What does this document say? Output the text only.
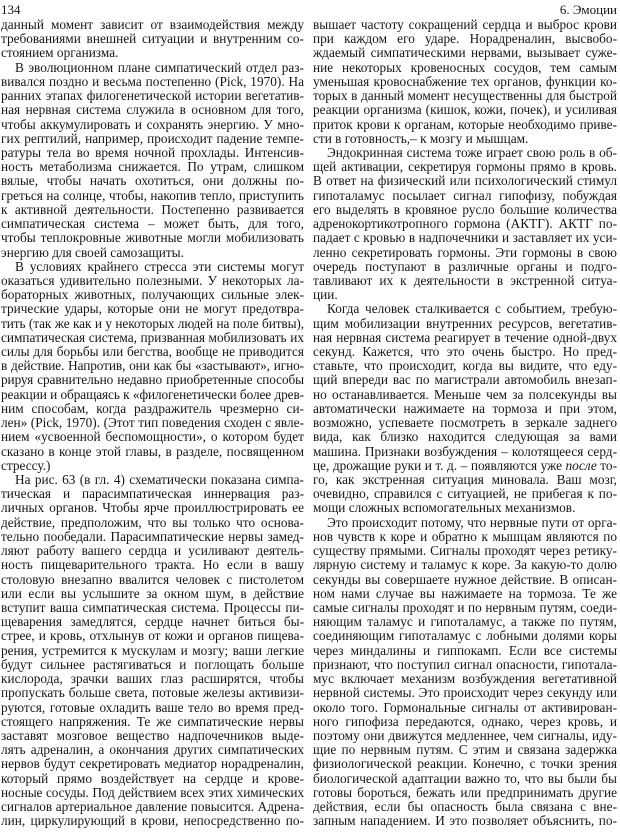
134	6. Эмоции
данный момент зависит от взаимодействия между
требованиями внешней ситуации и внутренним со-
стоянием организма.
В эволюционном плане симпатический отдел раз-
вивался поздно и весьма постепенно (Pick, 1970). На
ранних этапах филогенетической истории вегетатив-
ная нервная система служила в основном для того,
чтобы аккумулировать и сохранять энергию. У мно-
гих рептилий, например, происходит падение темпе-
ратуры тела во время ночной прохлады. Интенсив-
ность метаболизма снижается. По утрам, слишком
вялые, чтобы начать охотиться, они должны по-
греться на солнце, чтобы, накопив тепло, приступить
к активной деятельности. Постепенно развивается
симпатическая система – может быть, для того,
чтобы теплокровные животные могли мобилизовать
энергию для своей самозащиты.
В условиях крайнего стресса эти системы могут
оказаться удивительно полезными. У некоторых ла-
бораторных животных, получающих сильные элек-
трические удары, которые они не могут предотвра-
тить (так же как и у некоторых людей на поле битвы),
симпатическая система, призванная мобилизовать их
силы для борьбы или бегства, вообще не приводится
в действие. Напротив, они как бы «застывают», игно-
рируя сравнительно недавно приобретенные способы
реакции и обращаясь к «филогенетически более древ-
ним способам, когда раздражитель чрезмерно си-
лен» (Pick, 1970). (Этот тип поведения сходен с явле-
нием «усвоенной беспомощности», о котором будет
сказано в конце этой главы, в разделе, посвященном
стрессу.)
На рис. 63 (в гл. 4) схематически показана симпа-
тическая и парасимпатическая иннервация раз-
личных органов. Чтобы ярче проиллюстрировать ее
действие, предположим, что вы только что основа-
тельно пообедали. Парасимпатические нервы замед-
ляют работу вашего сердца и усиливают деятель-
ность пищеварительного тракта. Но если в вашу
столовую внезапно ввалится человек с пистолетом
или если вы услышите за окном шум, в действие
вступит ваша симпатическая система. Процессы пи-
щеварения замедлятся, сердце начнет биться бы-
стрее, и кровь, отхлынув от кожи и органов пищева-
рения, устремится к мускулам и мозгу; ваши легкие
будут сильнее растягиваться и поглощать больше
кислорода, зрачки ваших глаз расширятся, чтобы
пропускать больше света, потовые железы активизи-
руются, готовые охладить ваше тело во время пред-
стоящего напряжения. Те же симпатические нервы
заставят мозговое вещество надпочечников выде-
лять адреналин, а окончания других симпатических
нервов будут секретировать медиатор норадреналин,
который прямо воздействует на сердце и крове-
носные сосуды. Под действием всех этих химических
сигналов артериальное давление повысится. Адрена-
лин, циркулирующий в крови, непосредственно по-
вышает частоту сокращений сердца и выброс крови
при каждом его ударе. Норадреналин, высвобо-
ждаемый симпатическими нервами, вызывает суже-
ние некоторых кровеносных сосудов, тем самым
уменьшая кровоснабжение тех органов, функции ко-
торых в данный момент несущественны для быстрой
реакции организма (кишок, кожи, почек), и усиливая
приток крови к органам, которые необходимо приве-
сти в готовность,– к мозгу и мышцам.
Эндокринная система тоже играет свою роль в об-
щей активации, секретируя гормоны прямо в кровь.
В ответ на физический или психологический стимул
гипоталамус посылает сигнал гипофизу, побуждая
его выделять в кровяное русло большие количества
адренокортикотропного гормона (АКТГ). АКТГ по-
падает с кровью в надпочечники и заставляет их уси-
ленно секретировать гормоны. Эти гормоны в свою
очередь поступают в различные органы и подго-
тавливают их к деятельности в экстренной ситуа-
ции.
Когда человек сталкивается с событием, требую-
щим мобилизации внутренних ресурсов, вегетатив-
ная нервная система реагирует в течение одной-двух
секунд. Кажется, что это очень быстро. Но пред-
ставьте, что происходит, когда вы видите, что еду-
щий впереди вас по магистрали автомобиль внезап-
но останавливается. Меньше чем за полсекунды вы
автоматически нажимаете на тормоза и при этом,
возможно, успеваете посмотреть в зеркале заднего
вида, как близко находится следующая за вами
машина. Признаки возбуждения – колотящееся серд-
це, дрожащие руки и т. д. – появляются уже после то-
го, как экстренная ситуация миновала. Ваш мозг,
очевидно, справился с ситуацией, не прибегая к по-
мощи сложных вспомогательных механизмов.
Это происходит потому, что нервные пути от орга-
нов чувств к коре и обратно к мышцам являются по
существу прямыми. Сигналы проходят через ретику-
лярную систему и таламус к коре. За какую-то долю
секунды вы совершаете нужное действие. В описан-
ном нами случае вы нажимаете на тормоза. Те же
самые сигналы проходят и по нервным путям, соеди-
няющим таламус и гипоталамус, а также по путям,
соединяющим гипоталамус с лобными долями коры
через миндалины и гиппокамп. Если все системы
признают, что поступил сигнал опасности, гипотала-
мус включает механизм возбуждения вегетативной
нервной системы. Это происходит через секунду или
около того. Гормональные сигналы от активирован-
ного гипофиза передаются, однако, через кровь, и
поэтому они движутся медленнее, чем сигналы, иду-
щие по нервным путям. С этим и связана задержка
физиологической реакции. Конечно, с точки зрения
биологической адаптации важно то, что вы были бы
готовы бороться, бежать или предпринимать другие
действия, если бы опасность была связана с вне-
запным нападением. И это позволяет объяснить, по-
